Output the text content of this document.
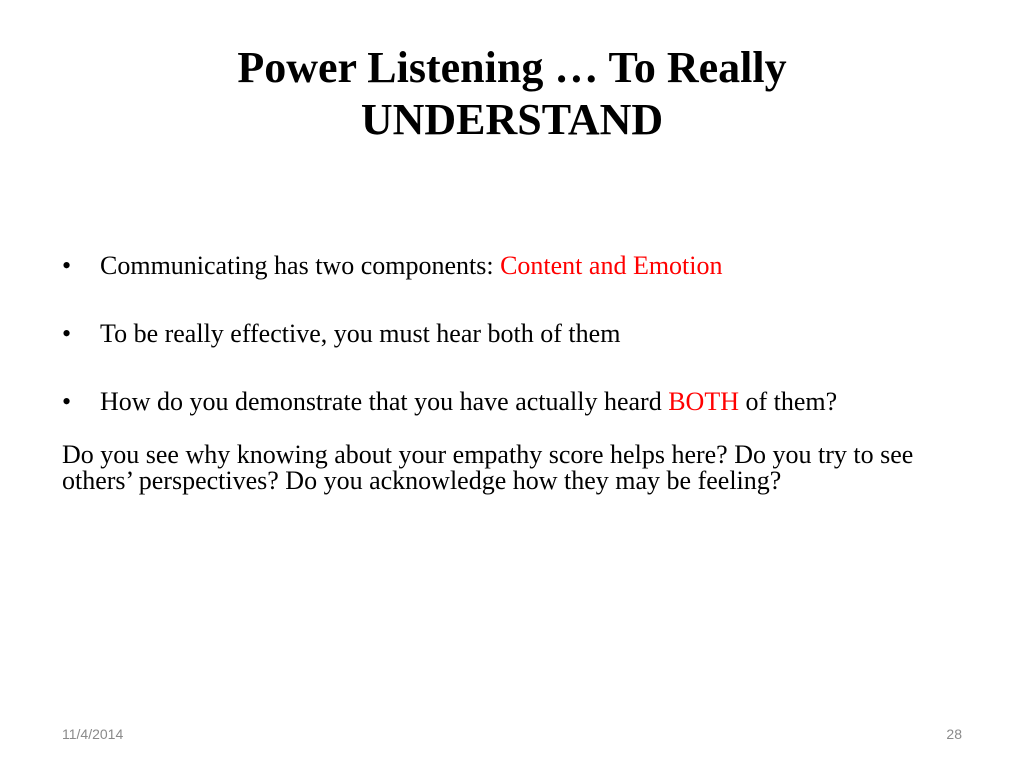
Power Listening … To Really
UNDERSTAND
•	Communicating has two components: Content and Emotion
•	To be really effective, you must hear both of them
•	How do you demonstrate that you have actually heard BOTH of them?

Do you see why knowing about your empathy score helps here? Do you try to see others’ perspectives? Do you acknowledge how they may be feeling?

11/4/2014	28
